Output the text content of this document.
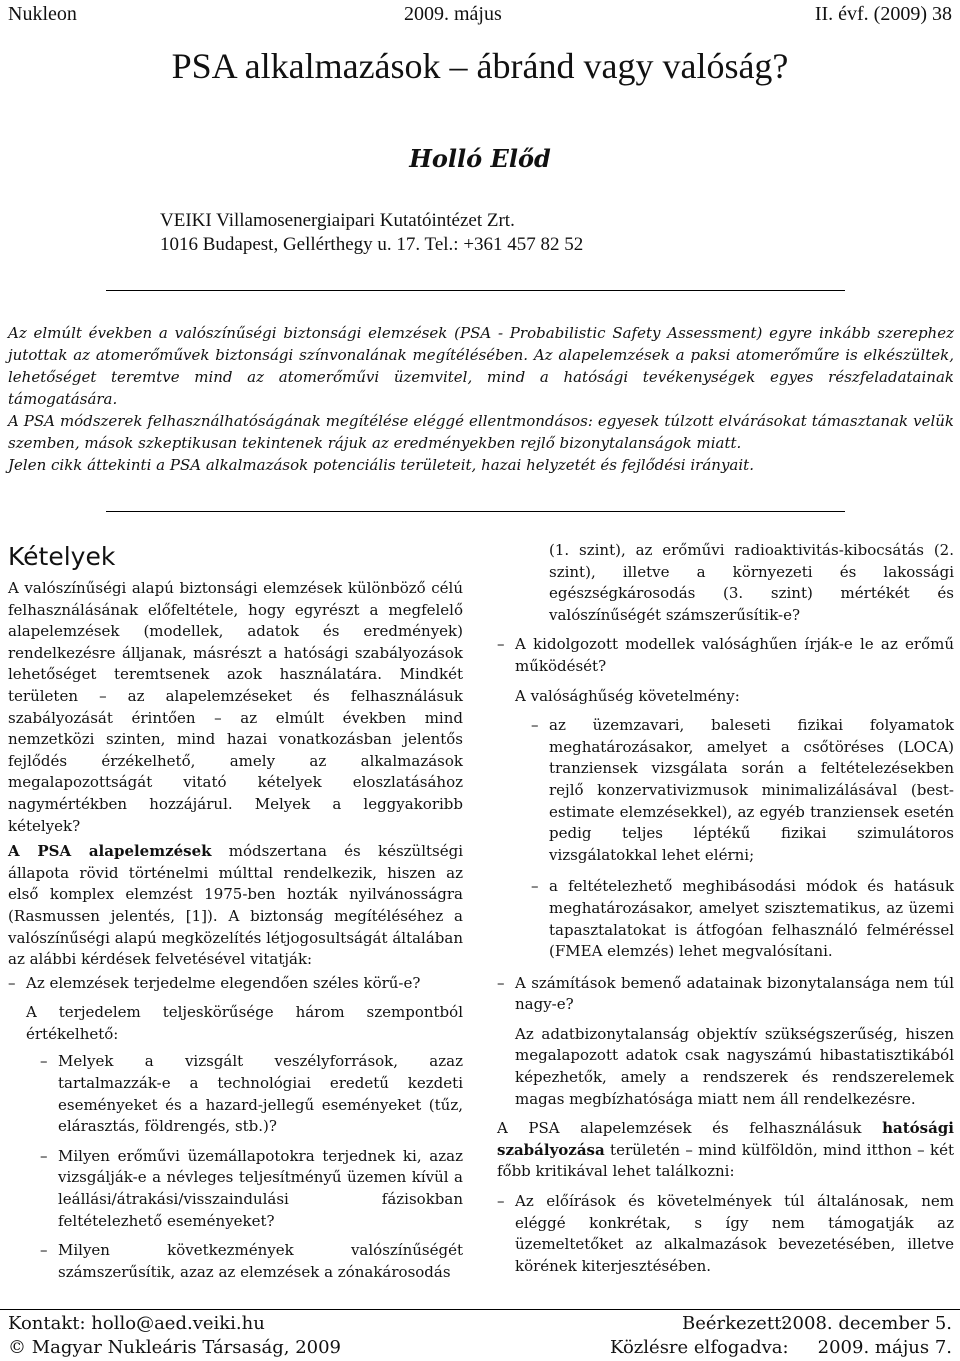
Nukleon	2009. május	II. évf. (2009) 38
PSA alkalmazások – ábránd vagy valóság?
Holló Előd
VEIKI Villamosenergiaipari Kutatóintézet Zrt.
1016 Budapest, Gellérthegy u. 17. Tel.: +361 457 82 52

Az elmúlt években a valószínűségi biztonsági elemzések (PSA - Probabilistic Safety Assessment) egyre inkább szerephez jutottak az atomerőművek biztonsági színvonalának megítélésében. Az alapelemzések a paksi atomerőműre is elkészültek, lehetőséget teremtve mind az atomerőművi üzemvitel, mind a hatósági tevékenységek egyes részfeladatainak támogatására.

A PSA módszerek felhasználhatóságának megítélése eléggé ellentmondásos: egyesek túlzott elvárásokat támasztanak velük szemben, mások szkeptikusan tekintenek rájuk az eredményekben rejlő bizonytalanságok miatt.

Jelen cikk áttekinti a PSA alkalmazások potenciális területeit, hazai helyzetét és fejlődési irányait.

Kételyek

A valószínűségi alapú biztonsági elemzések különböző célú felhasználásának előfeltétele, hogy egyrészt a megfelelő alapelemzések (modellek, adatok és eredmények) rendelkezésre álljanak, másrészt a hatósági szabályozások lehetőséget teremtsenek azok használatára. Mindkét területen – az alapelemzéseket és felhasználásuk szabályozását érintően – az elmúlt években mind nemzetközi szinten, mind hazai vonatkozásban jelentős fejlődés érzékelhető, amely az alkalmazások megalapozottságát vitató kételyek eloszlatásához nagymértékben hozzájárul. Melyek a leggyakoribb kételyek?

A PSA alapelemzések módszertana és készültségi állapota rövid történelmi múlttal rendelkezik, hiszen az első komplex elemzést 1975-ben hozták nyilvánosságra (Rasmussen jelentés, [1]). A biztonság megítéléséhez a valószínűségi alapú megközelítés létjogosultságát általában az alábbi kérdések felvetésével vitatják:

– Az elemzések terjedelme elegendően széles körű-e?

A terjedelem teljeskörűsége három szempontból értékelhető:

– Melyek a vizsgált veszélyforrások, azaz tartalmazzák-e a technológiai eredetű kezdeti eseményeket és a hazard-jellegű eseményeket (tűz, elárasztás, földrengés, stb.)?
– Milyen erőművi üzemállapotokra terjednek ki, azaz vizsgálják-e a névleges teljesítményű üzemen kívül a leállási/átrakási/visszaindulási fázisokban feltételezhető eseményeket?
– Milyen következmények valószínűségét számszerűsítik, azaz az elemzések a zónakárosodás

(1. szint), az erőművi radioaktivitás-kibocsátás (2. szint), illetve a környezeti és lakossági egészségkárosodás (3. szint) mértékét és valószínűségét számszerűsítik-e?

– A kidolgozott modellek valósághűen írják-e le az erőmű működését?

A valósághűség követelmény:

– az üzemzavari, baleseti fizikai folyamatok meghatározásakor, amelyet a csőtöréses (LOCA) tranziensek vizsgálata során a feltételezésekben rejlő konzervativizmusok minimalizálásával (best-estimate elemzésekkel), az egyéb tranziensek esetén pedig teljes léptékű fizikai szimulátoros vizsgálatokkal lehet elérni;
– a feltételezhető meghibásodási módok és hatásuk meghatározásakor, amelyet szisztematikus, az üzemi tapasztalatokat is átfogóan felhasználó felméréssel (FMEA elemzés) lehet megvalósítani.
– A számítások bemenő adatainak bizonytalansága nem túl nagy-e?

Az adatbizonytalanság objektív szükségszerűség, hiszen megalapozott adatok csak nagyszámú hibastatisztikából képezhetők, amely a rendszerek és rendszerelemek magas megbízhatósága miatt nem áll rendelkezésre.

A PSA alapelemzések és felhasználásuk hatósági szabályozása területén – mind külföldön, mind itthon – két főbb kritikával lehet találkozni:

– Az előírások és követelmények túl általánosak, nem eléggé konkrétak, s így nem támogatják az üzemeltetőket az alkalmazások bevezetésében, illetve körének kiterjesztésében.
Kontakt: hollo@aed.veiki.hu
© Magyar Nukleáris Társaság, 2009
Beérkezett:
2008. december 5.
Közlésre elfogadva: 2009. május 7.
